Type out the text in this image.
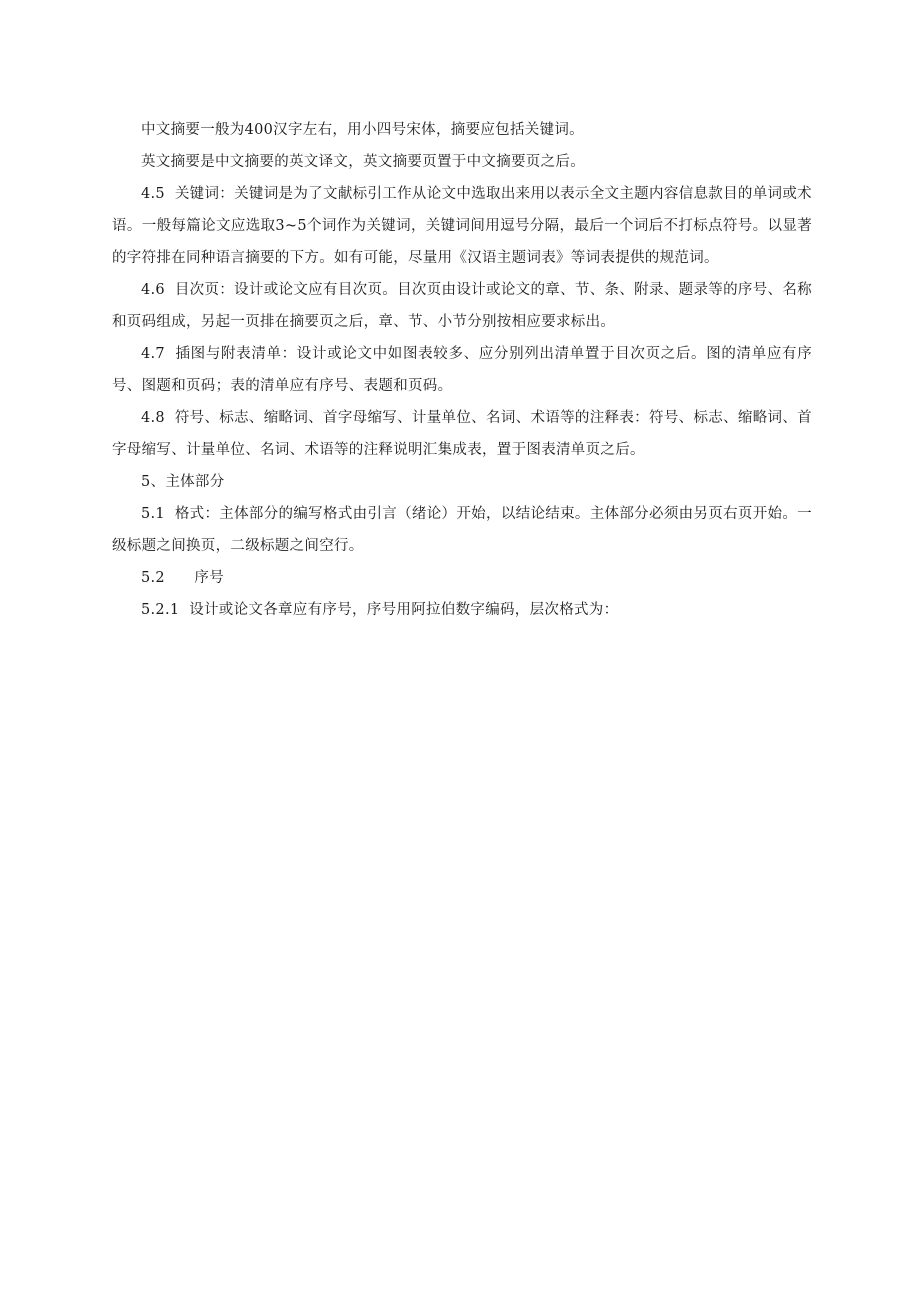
中文摘要一般为400汉字左右，用小四号宋体，摘要应包括关键词。

英文摘要是中文摘要的英文译文，英文摘要页置于中文摘要页之后。

4.5  关键词：关键词是为了文献标引工作从论文中选取出来用以表示全文主题内容信息款目的单词或术语。一般每篇论文应选取3~5个词作为关键词，关键词间用逗号分隔，最后一个词后不打标点符号。以显著的字符排在同种语言摘要的下方。如有可能，尽量用《汉语主题词表》等词表提供的规范词。

4.6  目次页：设计或论文应有目次页。目次页由设计或论文的章、节、条、附录、题录等的序号、名称和页码组成，另起一页排在摘要页之后，章、节、小节分别按相应要求标出。

4.7  插图与附表清单：设计或论文中如图表较多、应分别列出清单置于目次页之后。图的清单应有序号、图题和页码；表的清单应有序号、表题和页码。

4.8  符号、标志、缩略词、首字母缩写、计量单位、名词、术语等的注释表：符号、标志、缩略词、首字母缩写、计量单位、名词、术语等的注释说明汇集成表，置于图表清单页之后。

5、主体部分

5.1  格式：主体部分的编写格式由引言（绪论）开始，以结论结束。主体部分必须由另页右页开始。一级标题之间换页，二级标题之间空行。

5.2      序号

5.2.1  设计或论文各章应有序号，序号用阿拉伯数字编码，层次格式为：
